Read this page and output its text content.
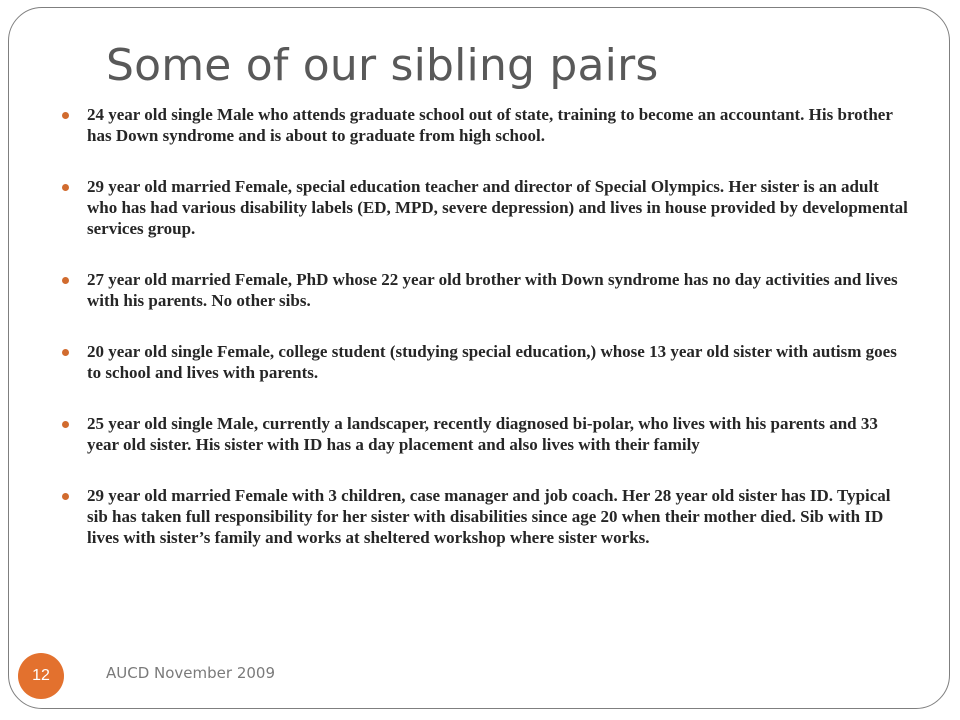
Some of our sibling pairs
24 year old single Male who attends graduate school out of state, training to become an accountant. His brother has Down syndrome and is about to graduate from high school.
29 year old married Female, special education teacher and director of Special Olympics. Her sister is an adult who has had various disability labels (ED, MPD, severe depression) and lives in house provided by developmental services group.
27 year old married Female, PhD whose 22 year old brother with Down syndrome has no day activities and lives with his parents. No other sibs.
20 year old single Female, college student (studying special education,) whose 13 year old sister with autism goes to school and lives with parents.
25 year old single Male, currently a landscaper, recently diagnosed bi-polar, who lives with his parents and 33 year old sister. His sister with ID has a day placement and also lives with their family
29 year old married Female with 3 children, case manager and job coach. Her 28 year old sister has ID. Typical sib has taken full responsibility for her sister with disabilities since age 20 when their mother died. Sib with ID lives with sister’s family and works at sheltered workshop where sister works.
12	AUCD November 2009
